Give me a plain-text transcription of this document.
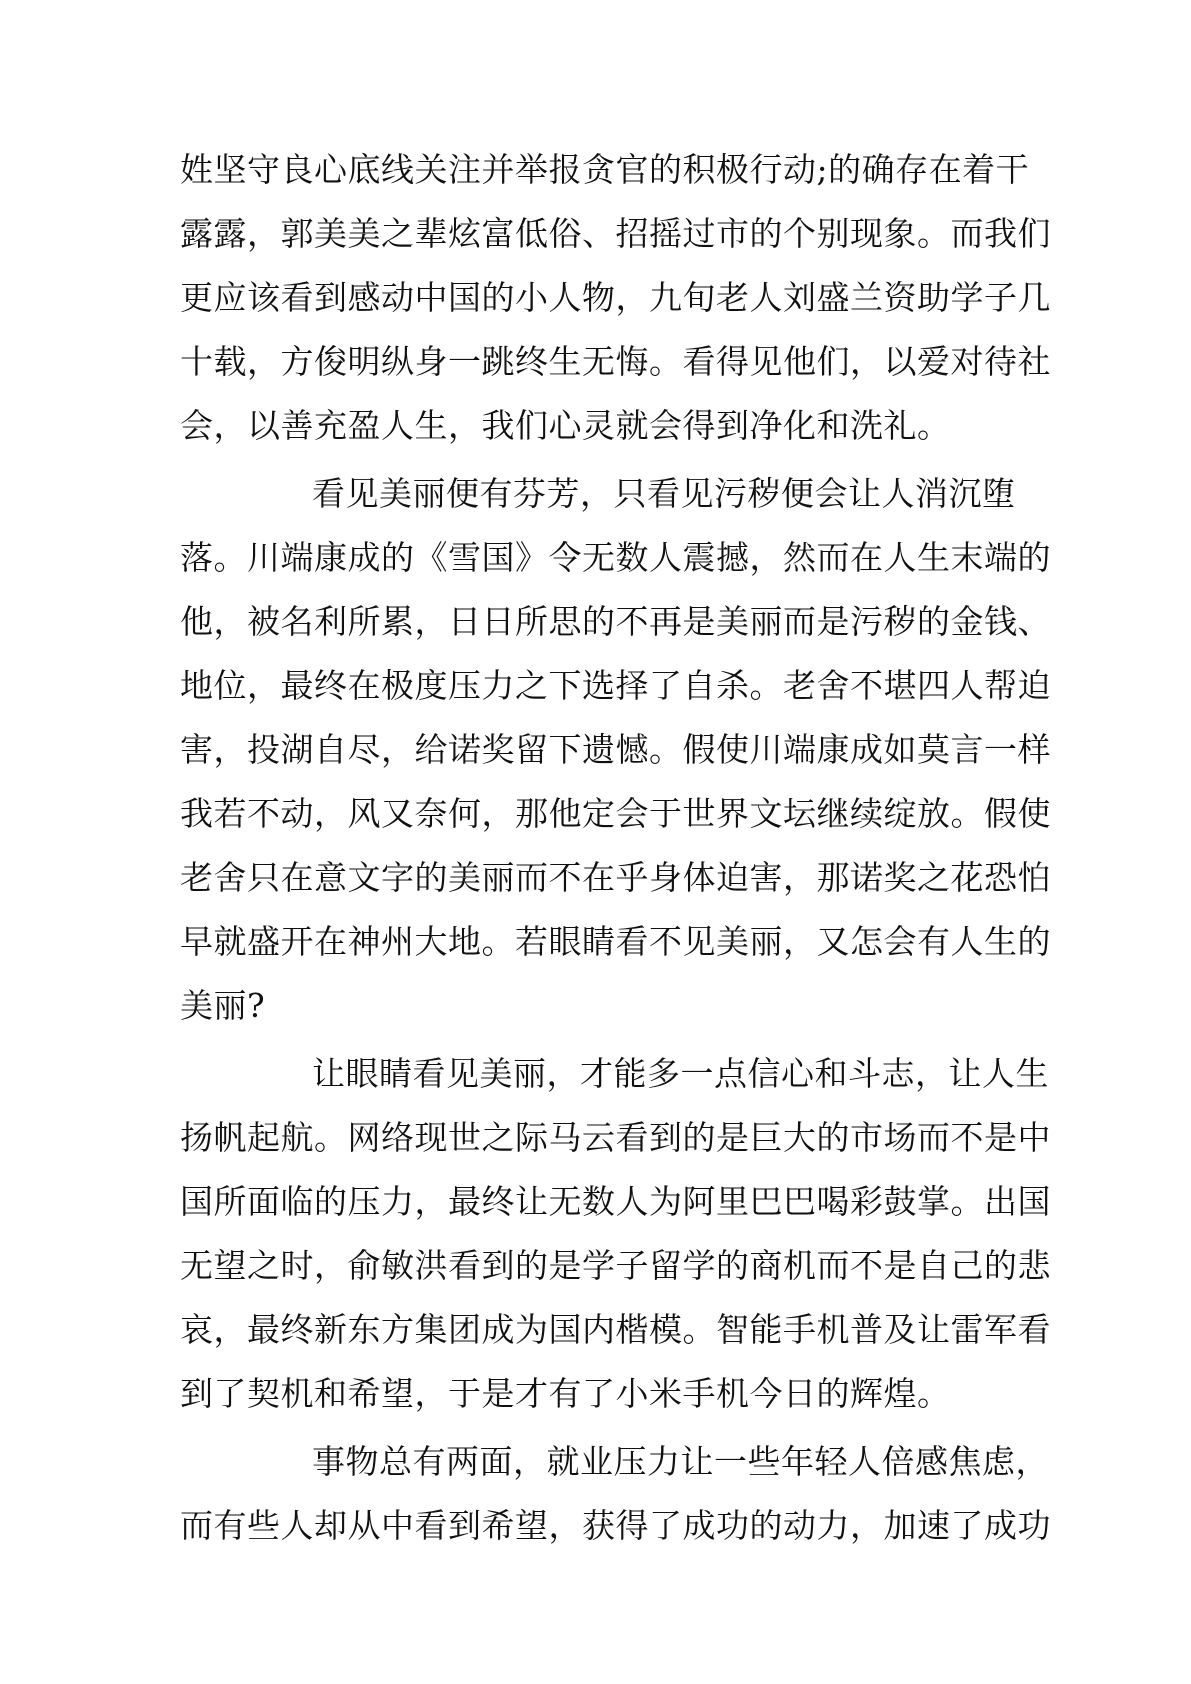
姓坚守良心底线关注并举报贪官的积极行动;的确存在着干
露露，郭美美之辈炫富低俗、招摇过市的个别现象。而我们
更应该看到感动中国的小人物，九旬老人刘盛兰资助学子几
十载，方俊明纵身一跳终生无悔。看得见他们，以爱对待社
会，以善充盈人生，我们心灵就会得到净化和洗礼。
看见美丽便有芬芳，只看见污秽便会让人消沉堕
落。川端康成的《雪国》令无数人震撼，然而在人生末端的
他，被名利所累，日日所思的不再是美丽而是污秽的金钱、
地位，最终在极度压力之下选择了自杀。老舍不堪四人帮迫
害，投湖自尽，给诺奖留下遗憾。假使川端康成如莫言一样
我若不动，风又奈何，那他定会于世界文坛继续绽放。假使
老舍只在意文字的美丽而不在乎身体迫害，那诺奖之花恐怕
早就盛开在神州大地。若眼睛看不见美丽，又怎会有人生的
美丽?
让眼睛看见美丽，才能多一点信心和斗志，让人生
扬帆起航。网络现世之际马云看到的是巨大的市场而不是中
国所面临的压力，最终让无数人为阿里巴巴喝彩鼓掌。出国
无望之时，俞敏洪看到的是学子留学的商机而不是自己的悲
哀，最终新东方集团成为国内楷模。智能手机普及让雷军看
到了契机和希望，于是才有了小米手机今日的辉煌。
事物总有两面，就业压力让一些年轻人倍感焦虑，
而有些人却从中看到希望，获得了成功的动力，加速了成功
